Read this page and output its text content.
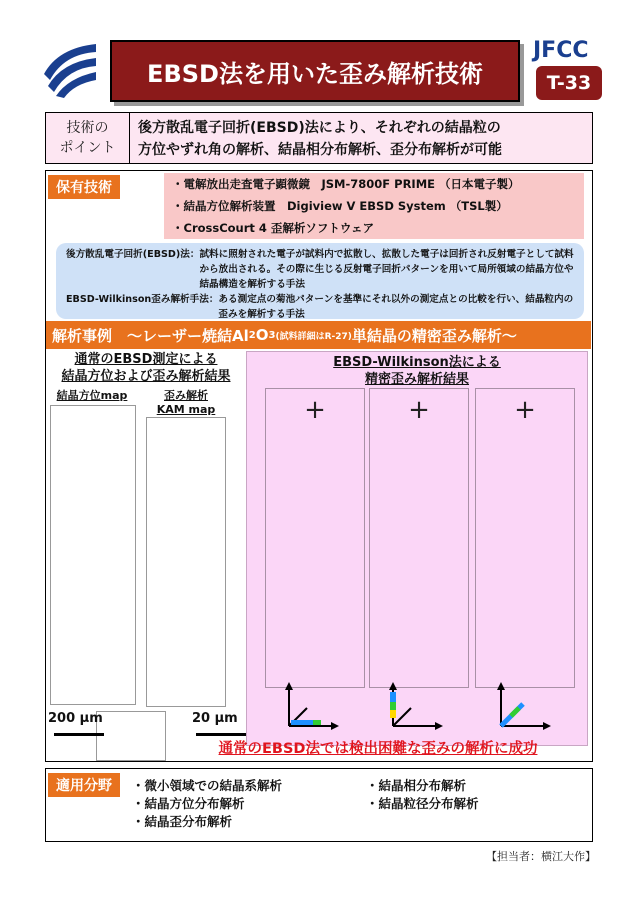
EBSD法を用いた歪み解析技術
JFCC
T-33
技術の
ポイント
後方散乱電子回折(EBSD)法により、それぞれの結晶粒の
方位やずれ角の解析、結晶相分布解析、歪分布解析が可能
保有技術	・電解放出走査電子顕微鏡　JSM-7800F PRIME （日本電子製）
・結晶方位解析装置　Digiview V EBSD System （TSL製）
・CrossCourt 4 歪解析ソフトウェア
後方散乱電子回折(EBSD)法： 試料に照射された電子が試料内で拡散し、拡散した電子は回折され反射電子として試料から放出される。その際に生じる反射電子回折パターンを用いて局所領域の結晶方位や結晶構造を解析する手法
EBSD-Wilkinson歪み解析手法： ある測定点の菊池パターンを基準にそれ以外の測定点との比較を行い、結晶粒内の歪みを解析する手法
解析事例　～レーザー焼結Al 2 O 3 (試料詳細はR-27) 単結晶の精密歪み解析～
通常のEBSD測定による
結晶方位および歪み解析結果
結晶方位map	歪み解析
KAM map
200 μm	20 μm
EBSD-Wilkinson法による
精密歪み解析結果
+	+	+
通常のEBSD法では検出困難な歪みの解析に成功
適用分野	・微小領域での結晶系解析
・結晶方位分布解析
・結晶歪分布解析
・結晶相分布解析
・結晶粒径分布解析
【担当者：横江大作】
